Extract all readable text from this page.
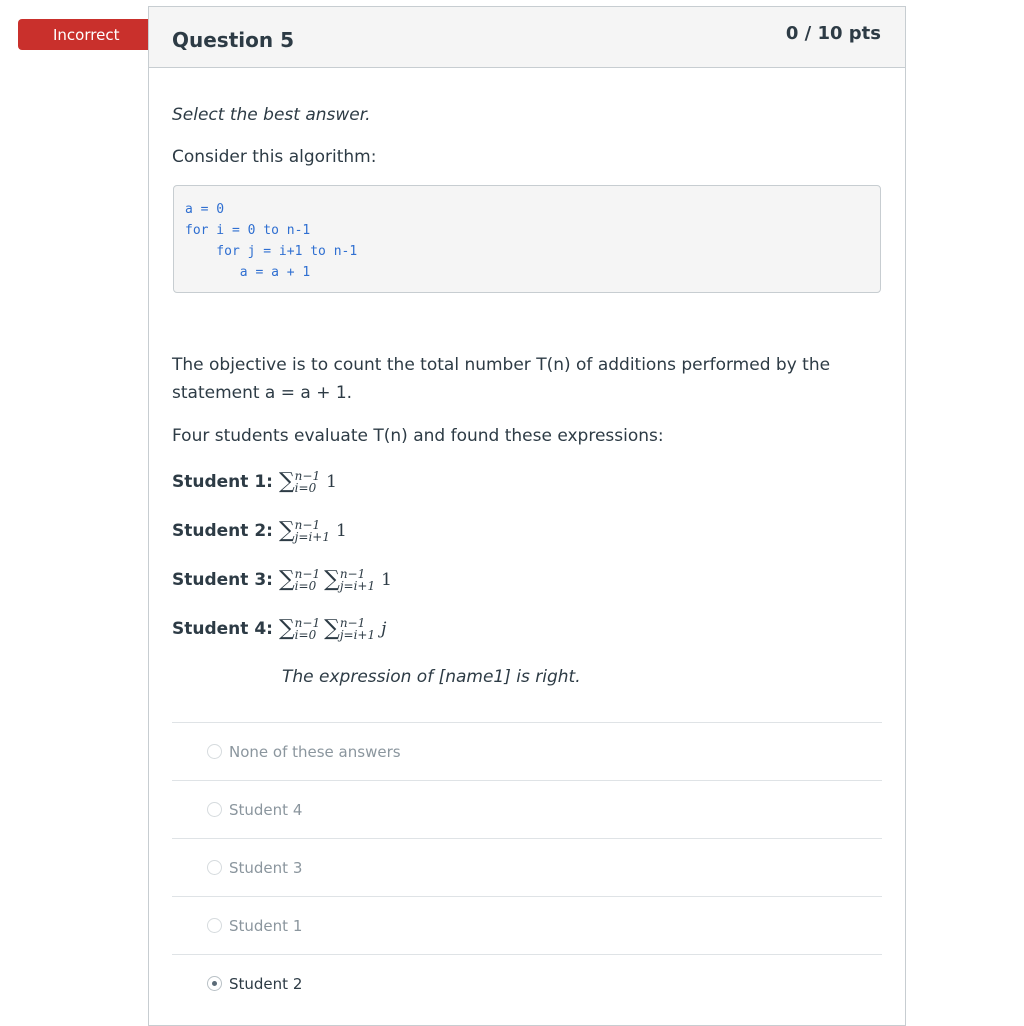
Incorrect	Question 5	0 / 10 pts
Select the best answer.
Consider this algorithm:
a = 0
for i = 0 to n-1
for j = i+1 to n-1
a = a + 1
The objective is to count the total number T(n) of additions performed by the
statement a = a + 1.
Four students evaluate T(n) and found these expressions:
Student 1: ∑ n−1
i=0 1
Student 2: ∑ n−1
j=i+1 1
Student 3: ∑ n−1
i=0 ∑ n−1
j=i+1 1
Student 4: ∑ n−1
i=0 ∑ n−1
j=i+1 j
The expression of [name1] is right.
None of these answers
Student 4
Student 3
Student 1
Student 2
